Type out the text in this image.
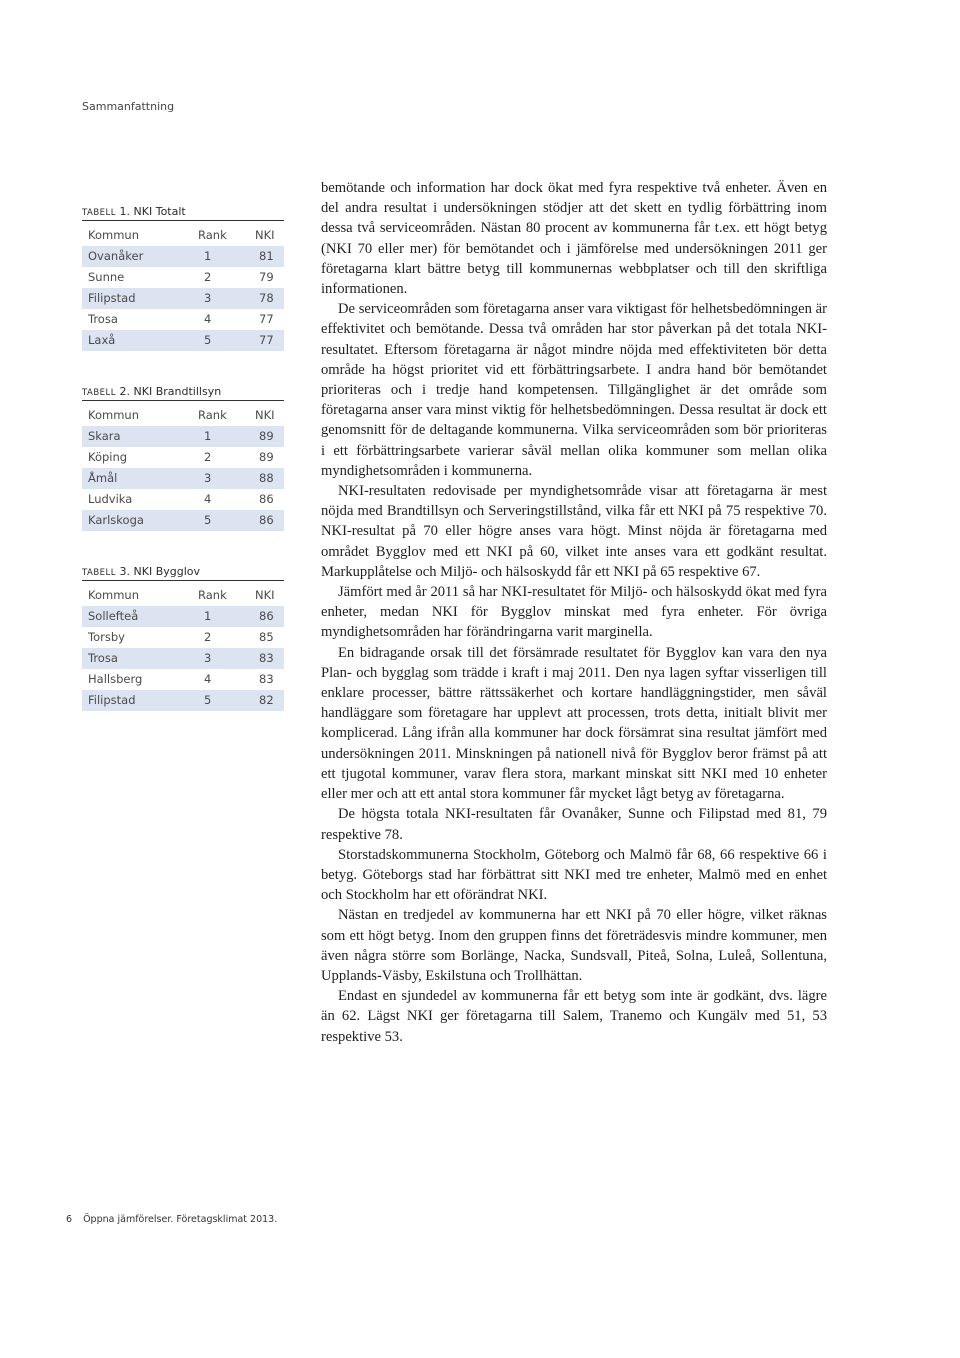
Sammanfattning
TABELL 1. NKI Totalt
Kommun	Rank	NKI
Ovanåker	1	81
Sunne	2	79
Filipstad	3	78
Trosa	4	77
Laxå	5	77
TABELL 2. NKI Brandtillsyn
Kommun	Rank	NKI
Skara	1	89
Köping	2	89
Åmål	3	88
Ludvika	4	86
Karlskoga	5	86
TABELL 3. NKI Bygglov
Kommun	Rank	NKI
Sollefteå	1	86
Torsby	2	85
Trosa	3	83
Hallsberg	4	83
Filipstad	5	82

bemötande och information har dock ökat med fyra respektive två enheter. Även en del andra resultat i undersökningen stödjer att det skett en tydlig förbättring inom dessa två serviceområden. Nästan 80 procent av kommunerna får t.ex. ett högt betyg (NKI 70 eller mer) för bemötandet och i jämförelse med undersökningen 2011 ger företagarna klart bättre betyg till kommunernas webbplatser och till den skriftliga informationen.

De serviceområden som företagarna anser vara viktigast för helhetsbedömningen är effektivitet och bemötande. Dessa två områden har stor påverkan på det totala NKI-resultatet. Eftersom företagarna är något mindre nöjda med effektiviteten bör detta område ha högst prioritet vid ett förbättringsarbete. I andra hand bör bemötandet prioriteras och i tredje hand kompetensen. Tillgänglighet är det område som företagarna anser vara minst viktig för helhetsbedömningen. Dessa resultat är dock ett genomsnitt för de deltagande kommunerna. Vilka serviceområden som bör prioriteras i ett förbättringsarbete varierar såväl mellan olika kommuner som mellan olika myndighetsområden i kommunerna.

NKI-resultaten redovisade per myndighetsområde visar att företagarna är mest nöjda med Brandtillsyn och Serveringstillstånd, vilka får ett NKI på 75 respektive 70. NKI-resultat på 70 eller högre anses vara högt. Minst nöjda är företagarna med området Bygglov med ett NKI på 60, vilket inte anses vara ett godkänt resultat. Markupplåtelse och Miljö- och hälsoskydd får ett NKI på 65 respektive 67.

Jämfört med år 2011 så har NKI-resultatet för Miljö- och hälsoskydd ökat med fyra enheter, medan NKI för Bygglov minskat med fyra enheter. För övriga myndighetsområden har förändringarna varit marginella.

En bidragande orsak till det försämrade resultatet för Bygglov kan vara den nya Plan- och bygglag som trädde i kraft i maj 2011. Den nya lagen syftar visserligen till enklare processer, bättre rättssäkerhet och kortare handläggningstider, men såväl handläggare som företagare har upplevt att processen, trots detta, initialt blivit mer komplicerad. Lång ifrån alla kommuner har dock försämrat sina resultat jämfört med undersökningen 2011. Minskningen på nationell nivå för Bygglov beror främst på att ett tjugotal kommuner, varav flera stora, markant minskat sitt NKI med 10 enheter eller mer och att ett antal stora kommuner får mycket lågt betyg av företagarna.

De högsta totala NKI-resultaten får Ovanåker, Sunne och Filipstad med 81, 79 respektive 78.

Storstadskommunerna Stockholm, Göteborg och Malmö får 68, 66 respektive 66 i betyg. Göteborgs stad har förbättrat sitt NKI med tre enheter, Malmö med en enhet och Stockholm har ett oförändrat NKI.

Nästan en tredjedel av kommunerna har ett NKI på 70 eller högre, vilket räknas som ett högt betyg. Inom den gruppen finns det företrädesvis mindre kommuner, men även några större som Borlänge, Nacka, Sundsvall, Piteå, Solna, Luleå, Sollentuna, Upplands-Väsby, Eskilstuna och Trollhättan.

Endast en sjundedel av kommunerna får ett betyg som inte är godkänt, dvs. lägre än 62. Lägst NKI ger företagarna till Salem, Tranemo och Kungälv med 51, 53 respektive 53.

6 Öppna jämförelser. Företagsklimat 2013.
